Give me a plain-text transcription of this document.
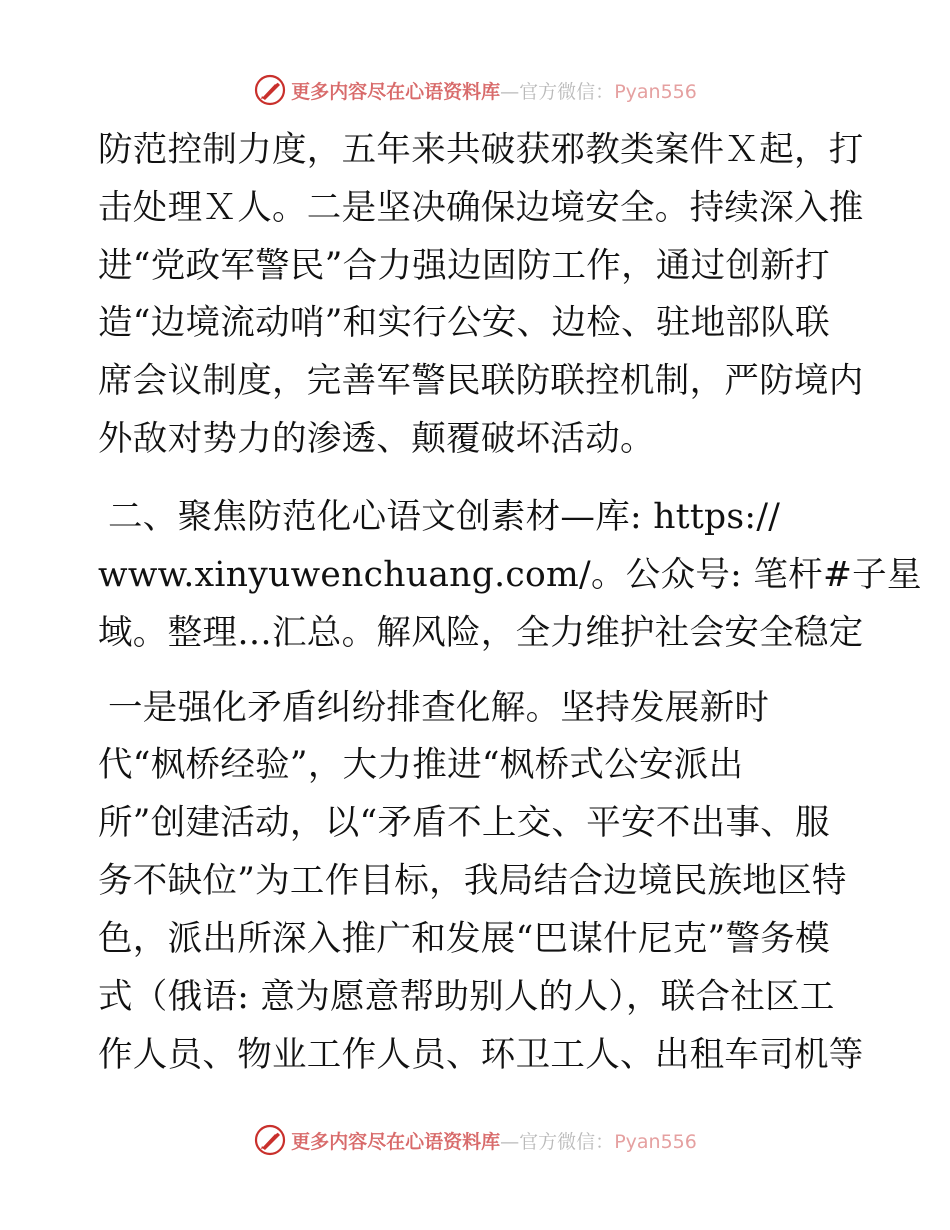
更多内容尽在心语资料库—官方微信：Pyan556
防范控制力度，五年来共破获邪教类案件Ｘ起，打
击处理Ｘ人。二是坚决确保边境安全。持续深入推
进“党政军警民”合力强边固防工作，通过创新打
造“边境流动哨”和实行公安、边检、驻地部队联
席会议制度，完善军警民联防联控机制，严防境内
外敌对势力的渗透、颠覆破坏活动。
二、聚焦防范化心语文创素材—库: https://
www.xinyuwenchuang.com/。公众号: 笔杆#子星
域。整理…汇总。解风险，全力维护社会安全稳定
一是强化矛盾纠纷排查化解。坚持发展新时
代“枫桥经验”，大力推进“枫桥式公安派出
所”创建活动，以“矛盾不上交、平安不出事、服
务不缺位”为工作目标，我局结合边境民族地区特
色，派出所深入推广和发展“巴谋什尼克”警务模
式（俄语: 意为愿意帮助别人的人），联合社区工
作人员、物业工作人员、环卫工人、出租车司机等
更多内容尽在心语资料库—官方微信：Pyan556
